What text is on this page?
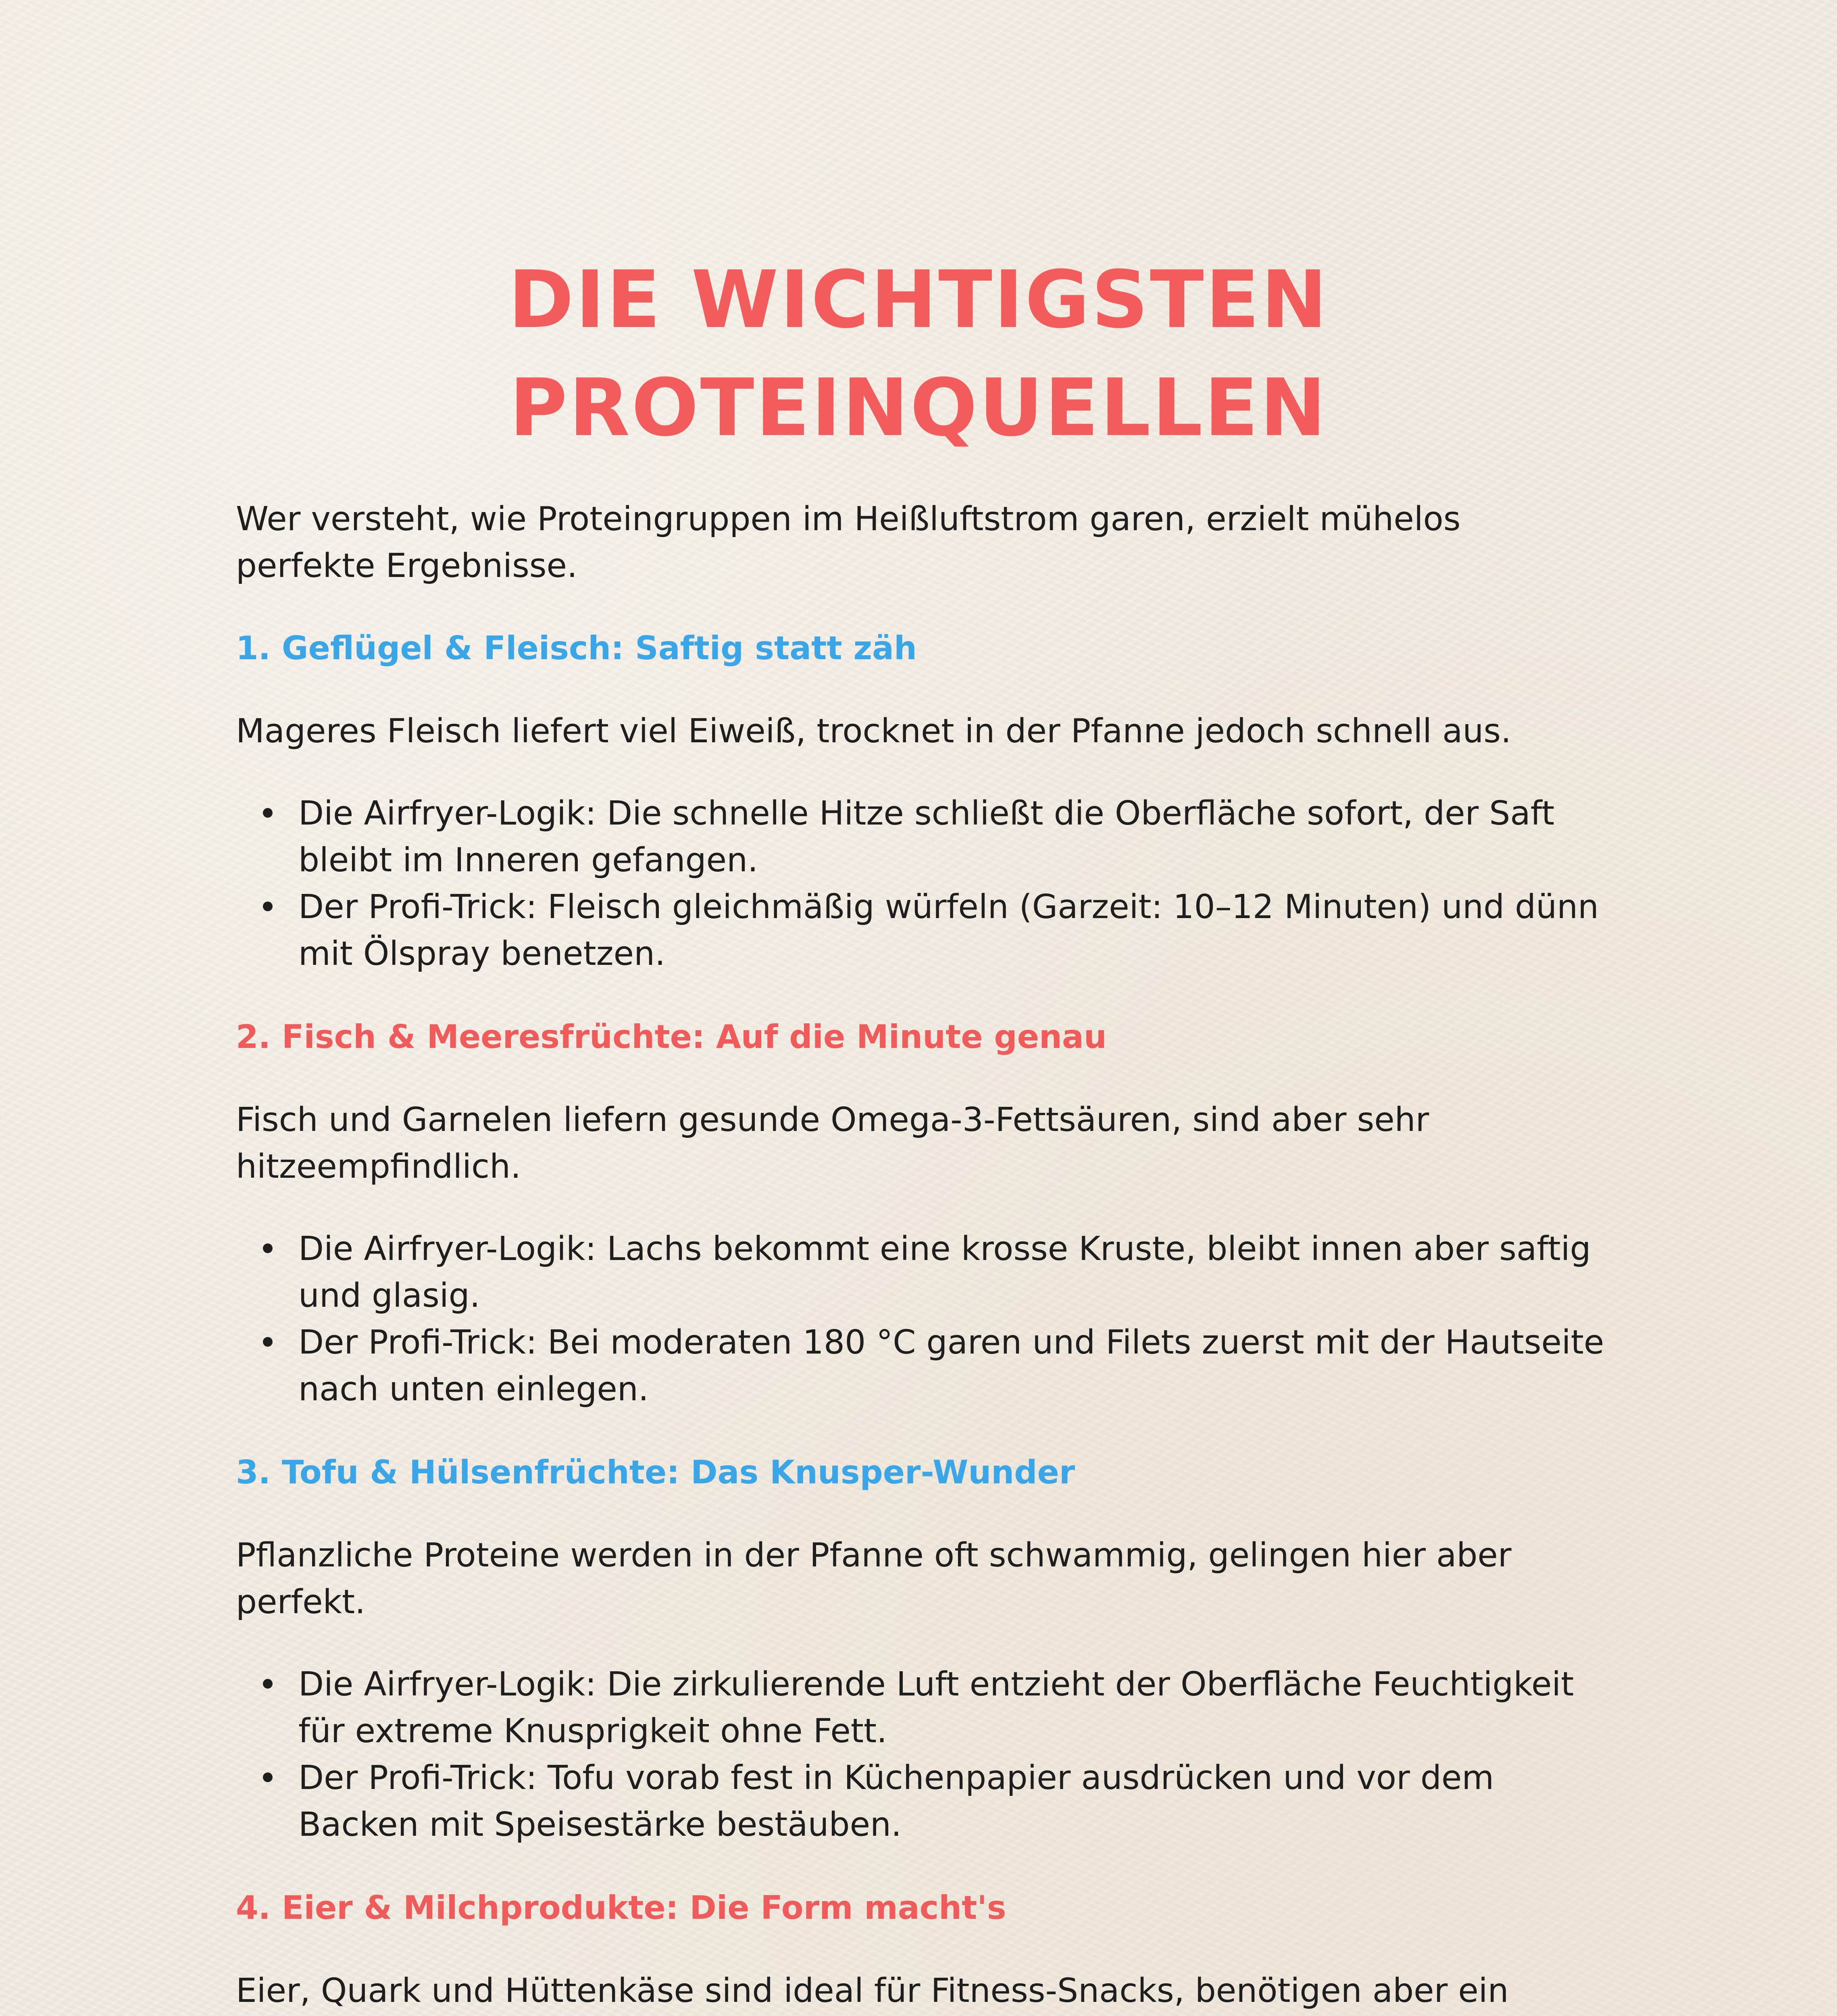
DIE WICHTIGSTEN
PROTEINQUELLEN

Wer versteht, wie Proteingruppen im Heißluftstrom garen, erzielt mühelos perfekte Ergebnisse.

1. Geflügel & Fleisch: Saftig statt zäh

Mageres Fleisch liefert viel Eiweiß, trocknet in der Pfanne jedoch schnell aus.

Die Airfryer-Logik: Die schnelle Hitze schließt die Oberfläche sofort, der Saft bleibt im Inneren gefangen.
Der Profi-Trick: Fleisch gleichmäßig würfeln (Garzeit: 10–12 Minuten) und dünn mit Ölspray benetzen.
2. Fisch & Meeresfrüchte: Auf die Minute genau

Fisch und Garnelen liefern gesunde Omega-3-Fettsäuren, sind aber sehr hitzeempfindlich.

Die Airfryer-Logik: Lachs bekommt eine krosse Kruste, bleibt innen aber saftig und glasig.
Der Profi-Trick: Bei moderaten 180 °C garen und Filets zuerst mit der Hautseite nach unten einlegen.
3. Tofu & Hülsenfrüchte: Das Knusper-Wunder

Pflanzliche Proteine werden in der Pfanne oft schwammig, gelingen hier aber perfekt.

Die Airfryer-Logik: Die zirkulierende Luft entzieht der Oberfläche Feuchtigkeit für extreme Knusprigkeit ohne Fett.
Der Profi-Trick: Tofu vorab fest in Küchenpapier ausdrücken und vor dem Backen mit Speisestärke bestäuben.
4. Eier & Milchprodukte: Die Form macht's

Eier, Quark und Hüttenkäse sind ideal für Fitness-Snacks, benötigen aber ein
